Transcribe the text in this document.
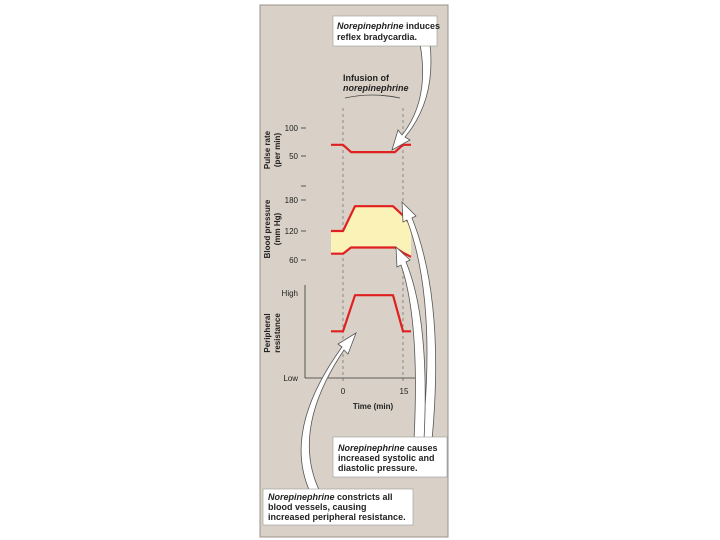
Infusion of
norepinephrine
Pulse rate (per min)
100
50
Blood pressure (mm Hg)
180
120
60
Peripheral resistance
High
Low
0	15
Time (min)
Norepinephrine induces
reflex bradycardia.
Norepinephrine causes
increased systolic and
diastolic pressure.
Norepinephrine constricts all
blood vessels, causing
increased peripheral resistance.
